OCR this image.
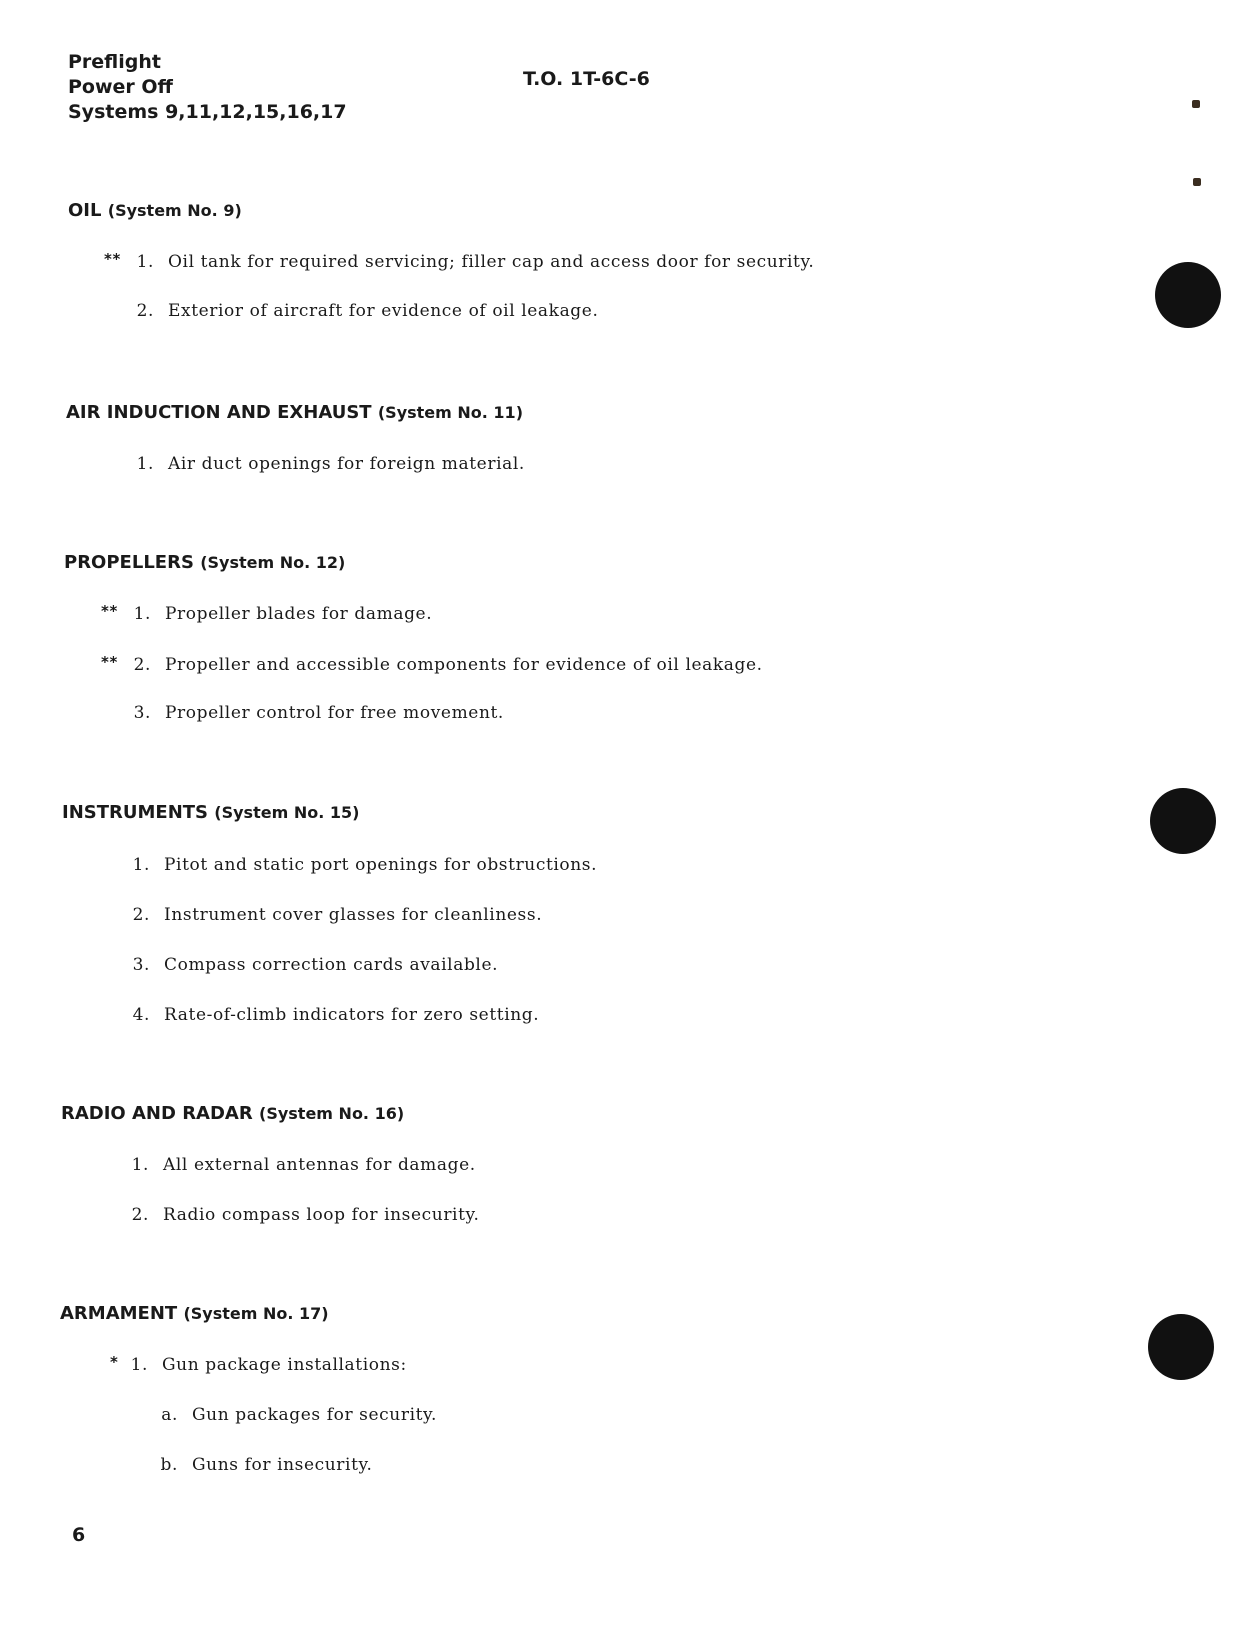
Preflight
Power Off
Systems 9,11,12,15,16,17
T.O. 1T-6C-6
OIL (System No. 9)
** 1. Oil tank for required servicing; filler cap and access door for security.
2. Exterior of aircraft for evidence of oil leakage.
AIR INDUCTION AND EXHAUST (System No. 11)
1. Air duct openings for foreign material.
PROPELLERS (System No. 12)
** 1. Propeller blades for damage.
** 2. Propeller and accessible components for evidence of oil leakage.
3. Propeller control for free movement.
INSTRUMENTS (System No. 15)
1. Pitot and static port openings for obstructions.
2. Instrument cover glasses for cleanliness.
3. Compass correction cards available.
4. Rate-of-climb indicators for zero setting.
RADIO AND RADAR (System No. 16)
1. All external antennas for damage.
2. Radio compass loop for insecurity.
ARMAMENT (System No. 17)
* 1. Gun package installations:
a. Gun packages for security.
b. Guns for insecurity.
6
